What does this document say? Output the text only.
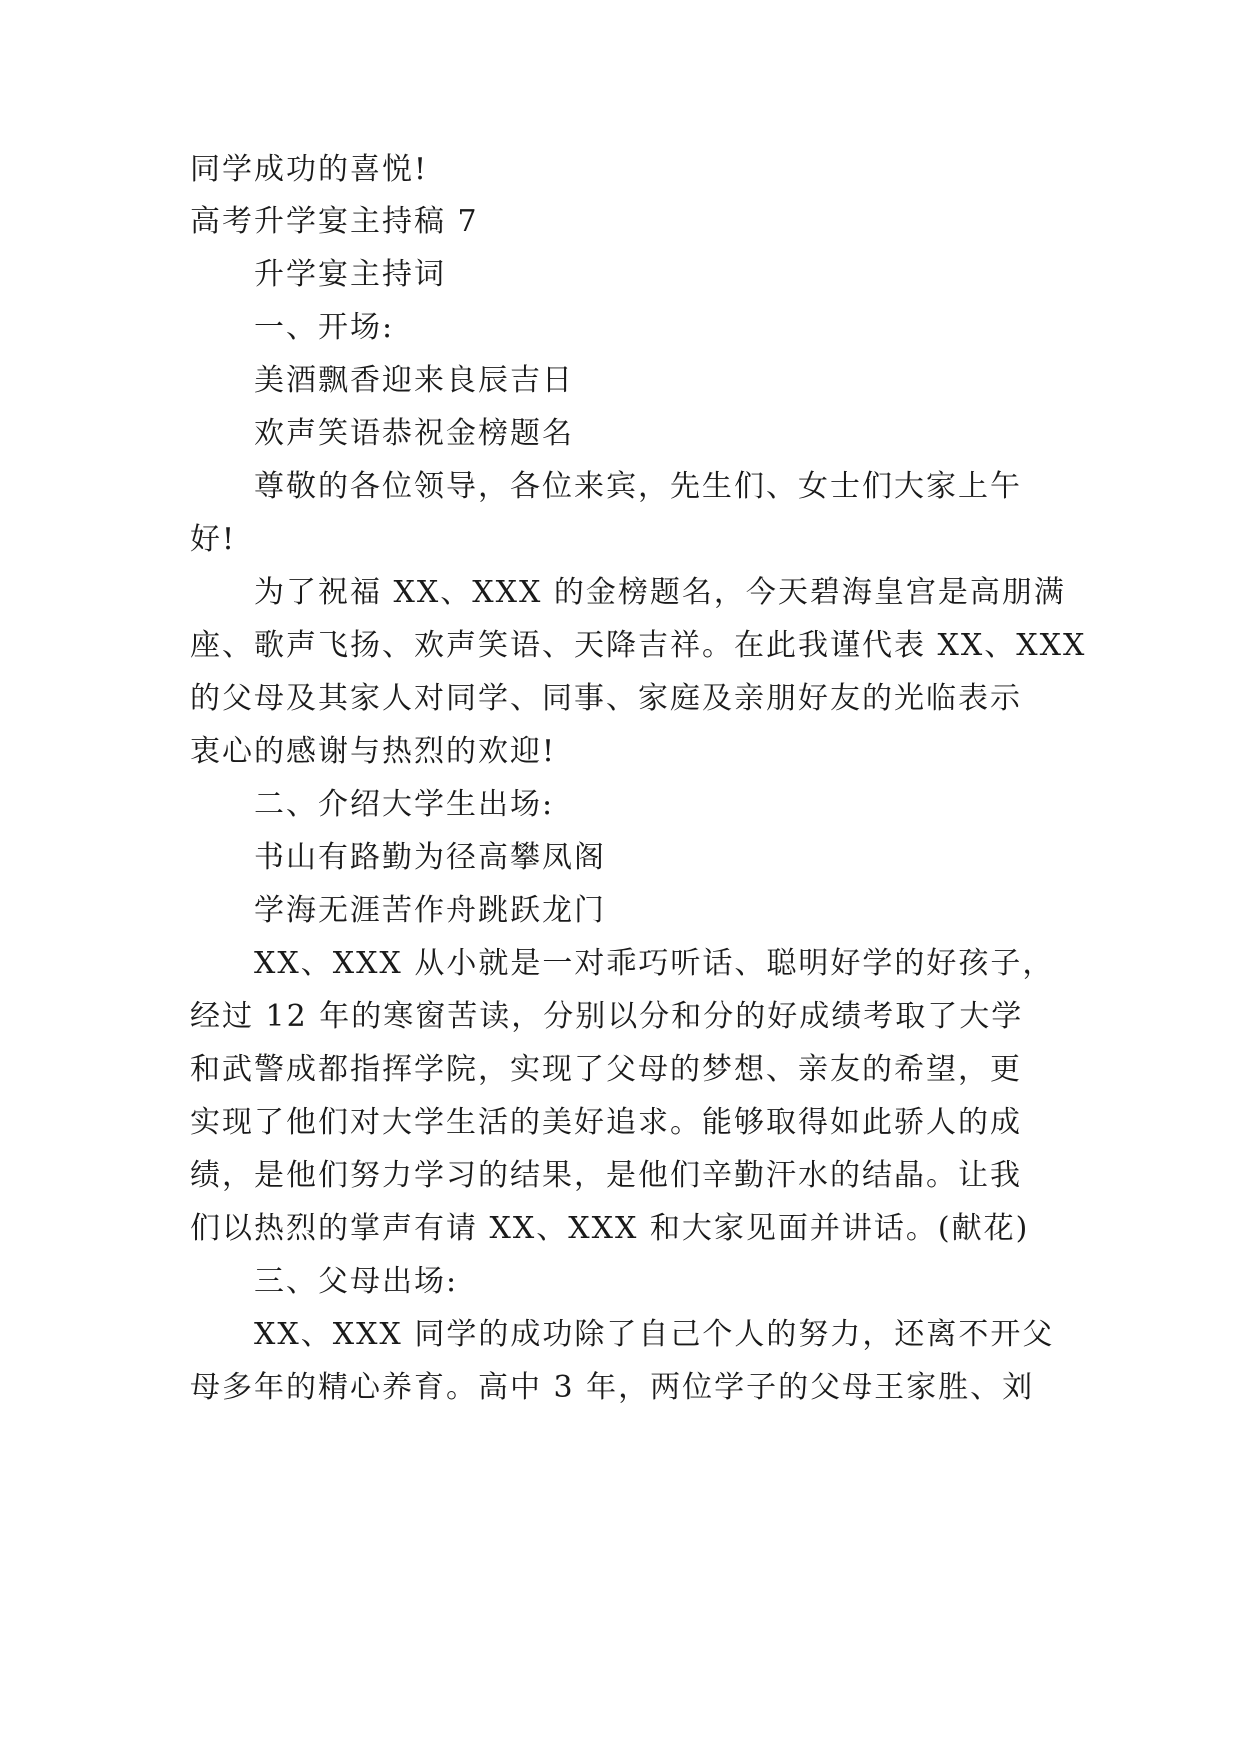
同学成功的喜悦!
高考升学宴主持稿 7
升学宴主持词
一、开场:
美酒飘香迎来良辰吉日
欢声笑语恭祝金榜题名
尊敬的各位领导，各位来宾，先生们、女士们大家上午
好!
为了祝福 XX、XXX 的金榜题名，今天碧海皇宫是高朋满
座、歌声飞扬、欢声笑语、天降吉祥。在此我谨代表 XX、XXX
的父母及其家人对同学、同事、家庭及亲朋好友的光临表示
衷心的感谢与热烈的欢迎!
二、介绍大学生出场:
书山有路勤为径高攀凤阁
学海无涯苦作舟跳跃龙门
XX、XXX 从小就是一对乖巧听话、聪明好学的好孩子，
经过 12 年的寒窗苦读，分别以分和分的好成绩考取了大学
和武警成都指挥学院，实现了父母的梦想、亲友的希望，更
实现了他们对大学生活的美好追求。能够取得如此骄人的成
绩，是他们努力学习的结果，是他们辛勤汗水的结晶。让我
们以热烈的掌声有请 XX、XXX 和大家见面并讲话。(献花)
三、父母出场:
XX、XXX 同学的成功除了自己个人的努力，还离不开父
母多年的精心养育。高中 3 年，两位学子的父母王家胜、刘
